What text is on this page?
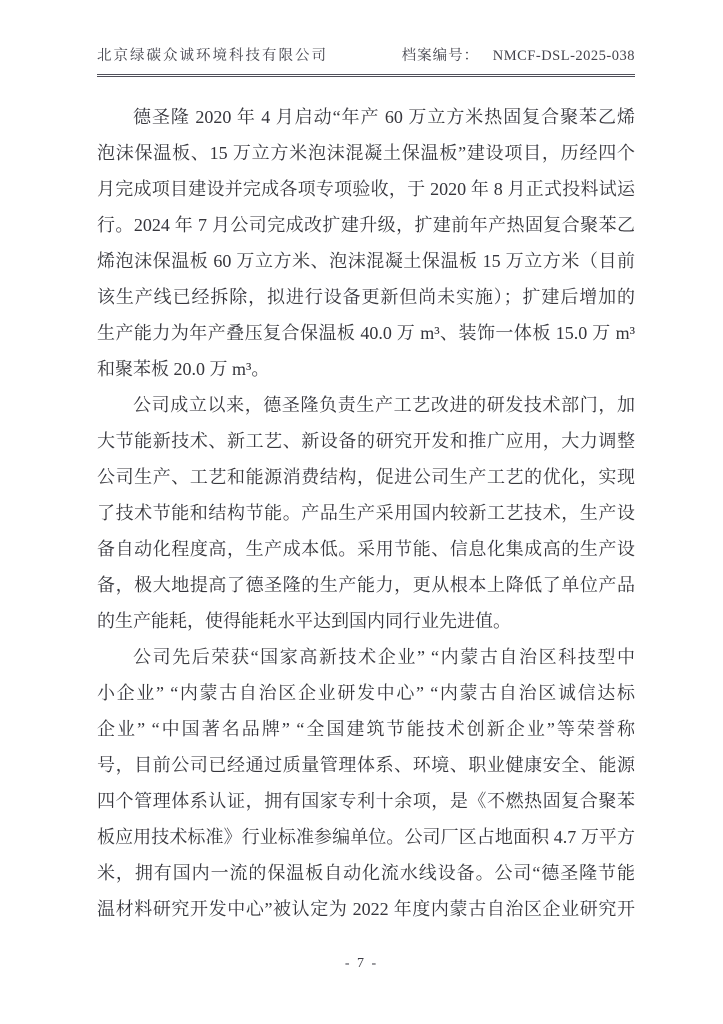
北京绿碳众诚环境科技有限公司	档案编号： NMCF-DSL-2025-038
德圣隆 2020 年 4 月启动“年产 60 万立方米热固复合聚苯乙烯
泡沫保温板、15 万立方米泡沫混凝土保温板”建设项目，历经四个
月完成项目建设并完成各项专项验收，于 2020 年 8 月正式投料试运
行。2024 年 7 月公司完成改扩建升级，扩建前年产热固复合聚苯乙
烯泡沫保温板 60 万立方米、泡沫混凝土保温板 15 万立方米（目前
该生产线已经拆除，拟进行设备更新但尚未实施）；扩建后增加的
生产能力为年产叠压复合保温板 40.0 万 m³、装饰一体板 15.0 万 m³
和聚苯板 20.0 万 m³。
公司成立以来，德圣隆负责生产工艺改进的研发技术部门，加
大节能新技术、新工艺、新设备的研究开发和推广应用，大力调整
公司生产、工艺和能源消费结构，促进公司生产工艺的优化，实现
了技术节能和结构节能。产品生产采用国内较新工艺技术，生产设
备自动化程度高，生产成本低。采用节能、信息化集成高的生产设
备，极大地提高了德圣隆的生产能力，更从根本上降低了单位产品
的生产能耗，使得能耗水平达到国内同行业先进值。
公司先后荣获“国家高新技术企业” “内蒙古自治区科技型中
小企业” “内蒙古自治区企业研发中心” “内蒙古自治区诚信达标
企业” “中国著名品牌” “全国建筑节能技术创新企业”等荣誉称
号，目前公司已经通过质量管理体系、环境、职业健康安全、能源
四个管理体系认证，拥有国家专利十余项，是《不燃热固复合聚苯
板应用技术标准》行业标准参编单位。公司厂区占地面积 4.7 万平方
米，拥有国内一流的保温板自动化流水线设备。公司“德圣隆节能
温材料研究开发中心”被认定为 2022 年度内蒙古自治区企业研究开
- 7 -
